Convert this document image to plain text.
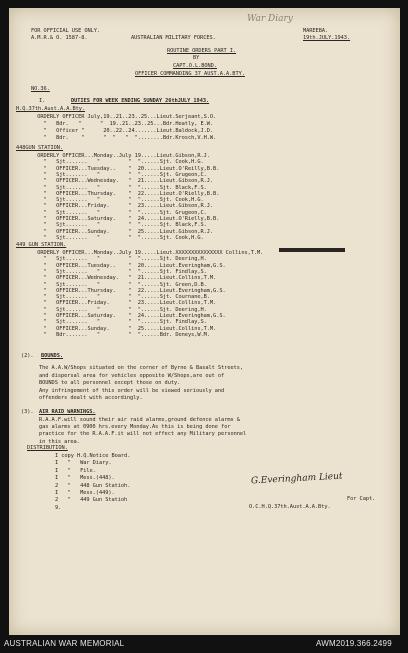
FOR OFFICIAL USE ONLY.
A.M.R.& O. 1587-8.
War Diary
MAREEBA.
19th.JULY.1943.
AUSTRALIAN MILITARY FORCES.
ROUTINE ORDERS PART I.
BY
CAPT.O.L.BOND.
OFFICER COMMANDING 37 AUST.A.A.BTY.
NO.36.
I.	DUTIES FOR WEEK ENDING SUNDAY 26thJULY 1943.
H.Q.37th.Aust.A.A.Bty.
ORDERLY OFFICER July,19..21..23..25...Lieut.Serjeant,S.O.
"   Bdr.   "      "  19..21..23..25...Bdr.Heatly, E.W.
"   Officer "      20..22..24.......Lieut.Baldock,J.D.
"   Bdr.    "      "  "   "  "........Bdr.Krosch,V.H.W.
448GUN STATION.
ORDERLY OFFICER...Monday..July 19.....Lieut.Gibson,R.J.
"   Sjt.......   "         "  "......Sjt. Cook,H.G.
"   OFFICER...Tuesday..    "  20.....Lieut.O'Reilly,B.B.
"   Sjt.......   "         "  "......Sjt. Grugeon,C.
"   OFFICER...Wednesday.   "  21.....Lieut.Gibson,R.J.
"   Sjt.......   "         "  "......Sjt. Black,F.S.
"   OFFICER...Thursday.    "  22.....Lieut.O'Rielly,B.B.
"   Sjt.......   "         "  "......Sjt. Cook,H.G.
"   OFFICER...Friday.      "  23.....Lieut.Gibson,R.J.
"   Sjt.......   "         "  "......Sjt. Grugeon,C.
"   OFFICER...Saturday.    "  24.....Lieut.O'Rielly,B.B.
"   Sjt.......   "         "  "......Sjt. Black,F.S.
"   OFFICER...Sunday.      "  25.....Lieut.Gibson,R.J.
"   Sjt.......   "         "  "......Sjt. Cook,H.G.
449 GUN STATION.
ORDERLY OFFICER...Monday..July 19.....Lieut.XXXXXXXXXXXXXXX Collins,T.M.
"   Sjt.......   "         "  "......Sjt. Deering,H.
"   OFFICER...Tuesday..    "  20.....Lieut.Everingham,G.S.
"   Sjt.......   "         "  "......Sjt. Findlay,S.
"   OFFICER...Wednesday.   "  21.....Lieut.Collins,T.M.
"   Sjt.......   "         "  "......Sjt. Green,D.B.
"   OFFICER...Thursday.    "  22.....Lieut.Everingham,G.S.
"   Sjt.......   "         "  "......Sjt. Cournane,B.
"   OFFICER...Friday.      "  23.....Lieut.Collins,T.M.
"   Sjt.......   "         "  "......Sjt. Deering,H.
"   OFFICER...Saturday.    "  24.....Lieut.Everingham,G.S.
"   Sjt.......   "         "  "......Sjt. Findlay,S.
"   OFFICER...Sunday.      "  25.....Lieut.Collins,T.M.
"   Bdr.......   "         "  "......Bdr. Deneys,W.M.
(2). BOUNDS.
The A.A.W/Shops situated on the corner of Byrne & Basalt Streets,
and dispersal area for vehicles opposite W/Shops,are out of
BOUNDS to all personnel except those on duty.
Any infringement of this order will be viewed seriously and
offenders dealt with accordingly.
(3). AIR RAID WARNINGS.
R.A.A.F.will sound their air raid alarms,ground defence alarms &
gas alarms at 0900 hrs.every Monday.As this is being done for
practice for the R.A.A.F.it will not effect any Military personnel
in this area.
DISTRIBUTION.
I copy H.Q.Notice Board.
I   "   War Diary.
I   "   File.
I   "   Mess.(448).
2   "   448 Gun Statioh.
I   "   Mess.(449).
2   "   449 Gun Statioh
9.
G.Everingham Lieut
For Capt.
O.C.H.Q.37th.Aust.A.A.Bty.
AUSTRALIAN WAR MEMORIAL	AWM2019.366.2499
